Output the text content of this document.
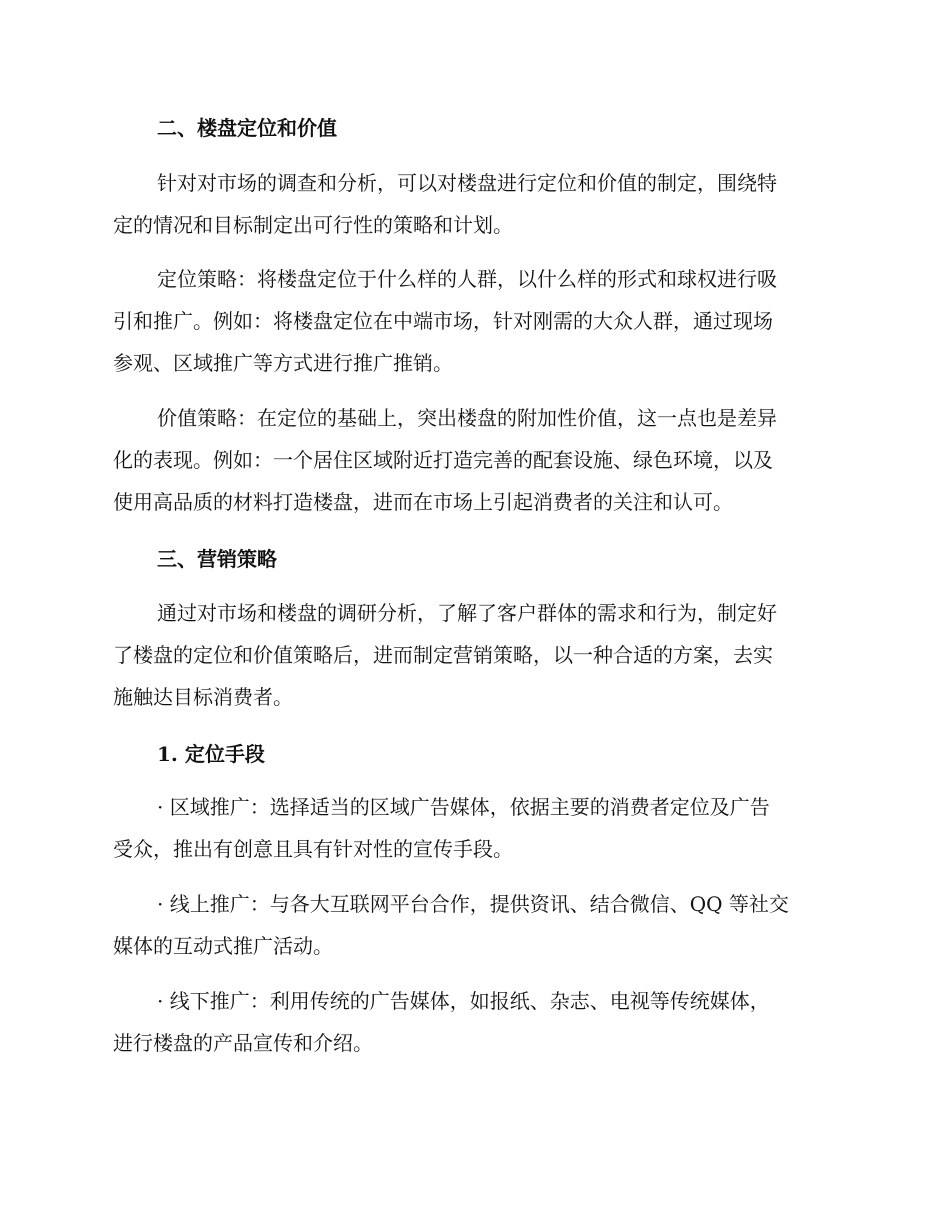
二、楼盘定位和价值
针对对市场的调查和分析，可以对楼盘进行定位和价值的制定，围绕特
定的情况和目标制定出可行性的策略和计划。
定位策略：将楼盘定位于什么样的人群，以什么样的形式和球权进行吸
引和推广。例如：将楼盘定位在中端市场，针对刚需的大众人群，通过现场
参观、区域推广等方式进行推广推销。
价值策略：在定位的基础上，突出楼盘的附加性价值，这一点也是差异
化的表现。例如：一个居住区域附近打造完善的配套设施、绿色环境，以及
使用高品质的材料打造楼盘，进而在市场上引起消费者的关注和认可。
三、营销策略
通过对市场和楼盘的调研分析，了解了客户群体的需求和行为，制定好
了楼盘的定位和价值策略后，进而制定营销策略，以一种合适的方案，去实
施触达目标消费者。
1. 定位手段
· 区域推广：选择适当的区域广告媒体，依据主要的消费者定位及广告
受众，推出有创意且具有针对性的宣传手段。
· 线上推广：与各大互联网平台合作，提供资讯、结合微信、QQ 等社交
媒体的互动式推广活动。
· 线下推广：利用传统的广告媒体，如报纸、杂志、电视等传统媒体，
进行楼盘的产品宣传和介绍。
